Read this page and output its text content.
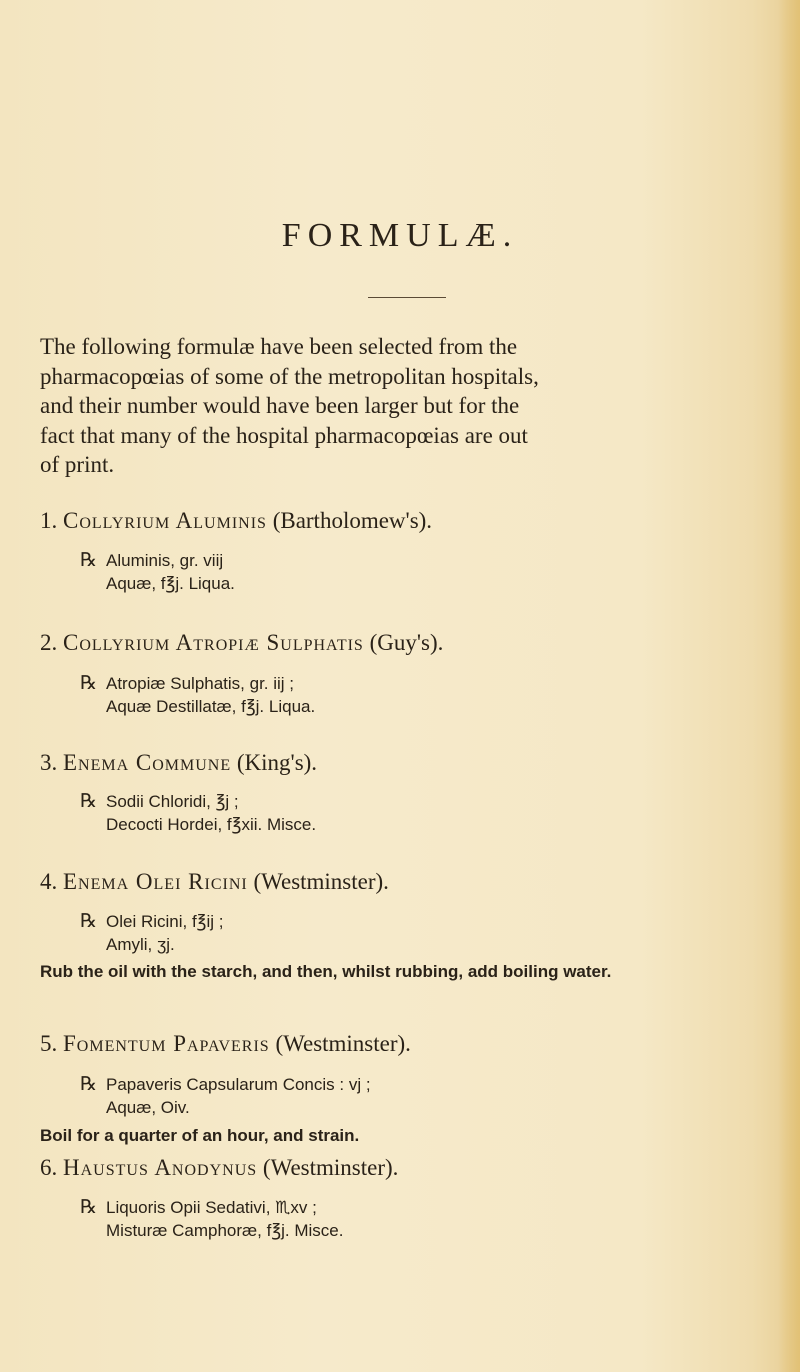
FORMULÆ.
The following formulæ have been selected from the
pharmacopœias of some of the metropolitan hospitals,
and their number would have been larger but for the
fact that many of the hospital pharmacopœias are out
of print.
1. Collyrium Aluminis (Bartholomew's).
℞ Aluminis, gr. viij
Aquæ, f℥j. Liqua.
2. Collyrium Atropiæ Sulphatis (Guy's).
℞ Atropiæ Sulphatis, gr. iij ;
Aquæ Destillatæ, f℥j. Liqua.
3. Enema Commune (King's).
℞ Sodii Chloridi, ℥j ;
Decocti Hordei, f℥xii. Misce.
4. Enema Olei Ricini (Westminster).
℞ Olei Ricini, f℥ij ;
Amyli, ʒj.
Rub the oil with the starch, and then, whilst rubbing, add boiling water.
5. Fomentum Papaveris (Westminster).
℞ Papaveris Capsularum Concis : vj ;
Aquæ, Oiv.
Boil for a quarter of an hour, and strain.
6. Haustus Anodynus (Westminster).
℞ Liquoris Opii Sedativi, ♏xv ;
Misturæ Camphoræ, f℥j. Misce.
